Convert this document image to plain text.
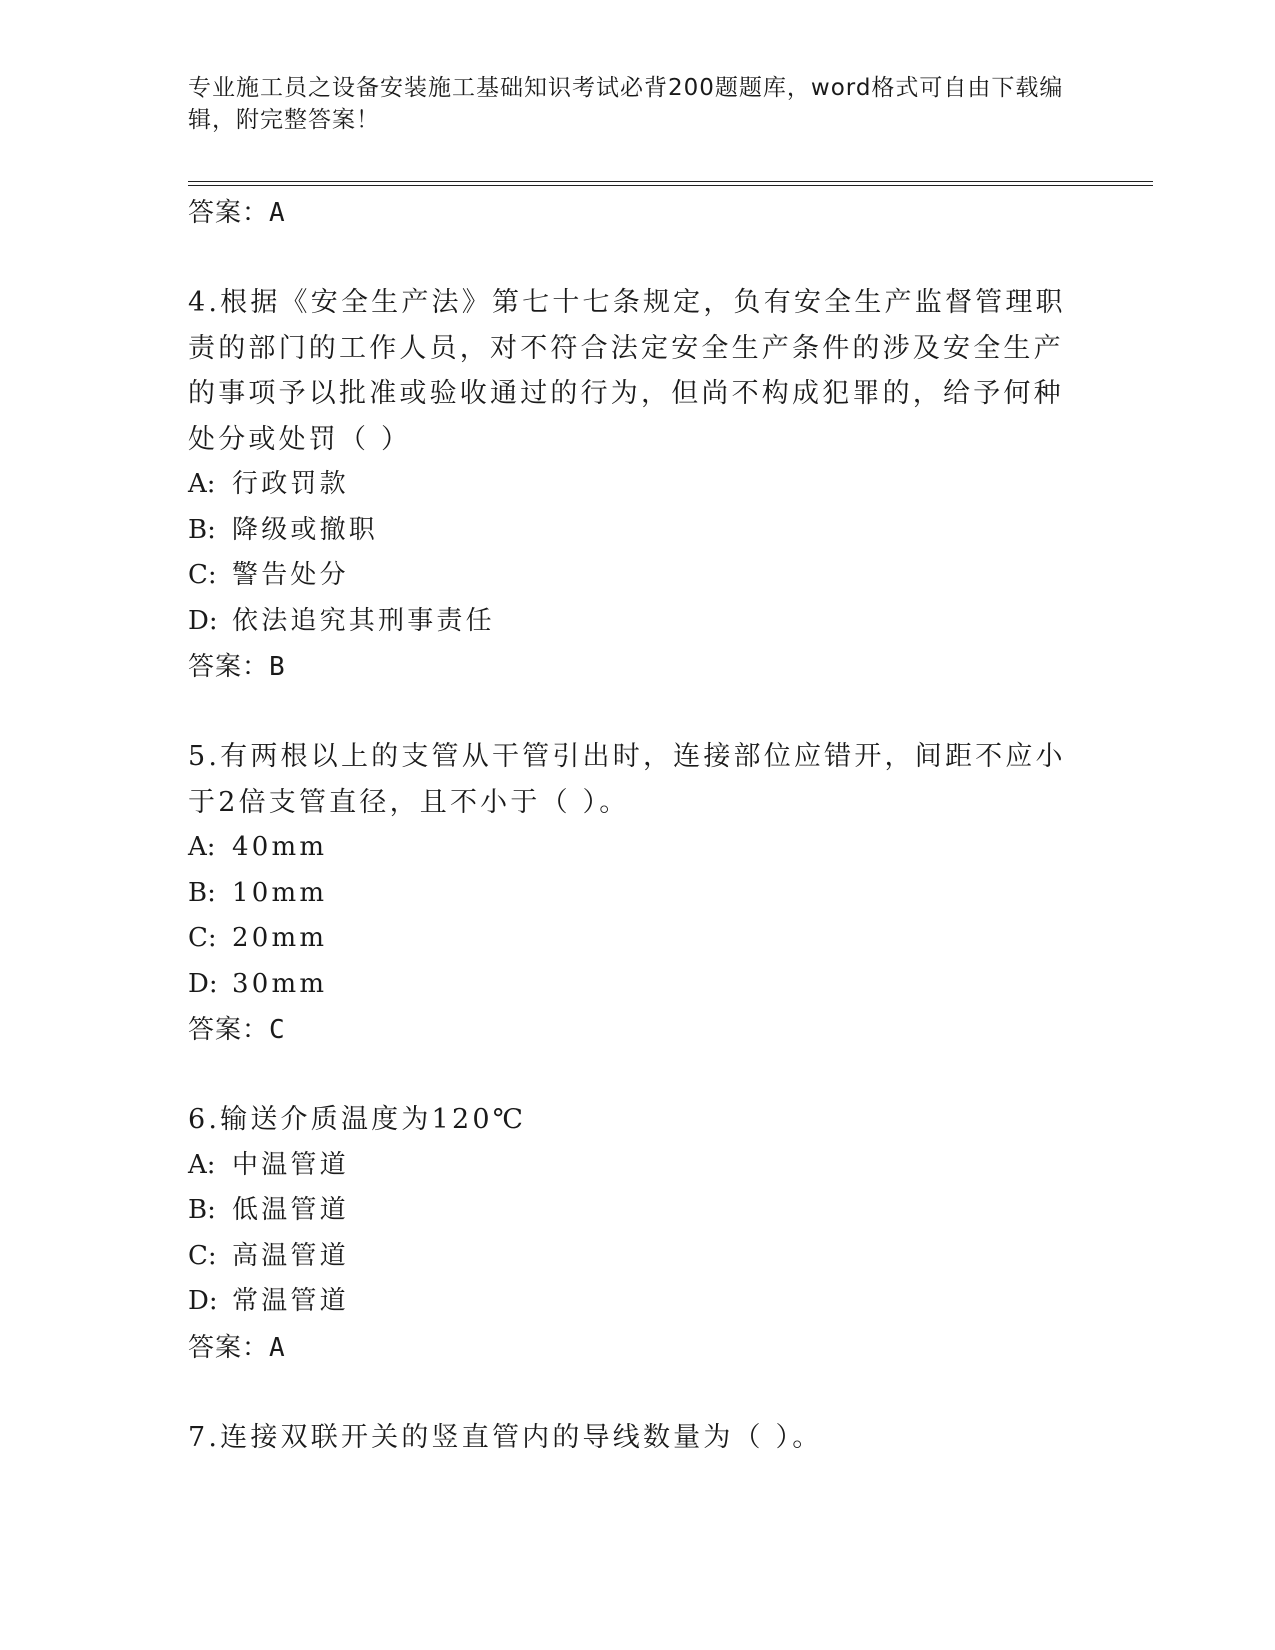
专业施工员之设备安装施工基础知识考试必背200题题库，word格式可自由下载编辑，附完整答案！
答案：A
4.根据《安全生产法》第七十七条规定，负有安全生产监督管理职责的部门的工作人员，对不符合法定安全生产条件的涉及安全生产的事项予以批准或验收通过的行为，但尚不构成犯罪的，给予何种处分或处罚（ ）
A: 行政罚款
B: 降级或撤职
C: 警告处分
D: 依法追究其刑事责任
答案：B
5.有两根以上的支管从干管引出时，连接部位应错开，间距不应小于2倍支管直径，且不小于（ ）。
A: 40mm
B: 10mm
C: 20mm
D: 30mm
答案：C
6.输送介质温度为120℃
A: 中温管道
B: 低温管道
C: 高温管道
D: 常温管道
答案：A
7.连接双联开关的竖直管内的导线数量为（ ）。
